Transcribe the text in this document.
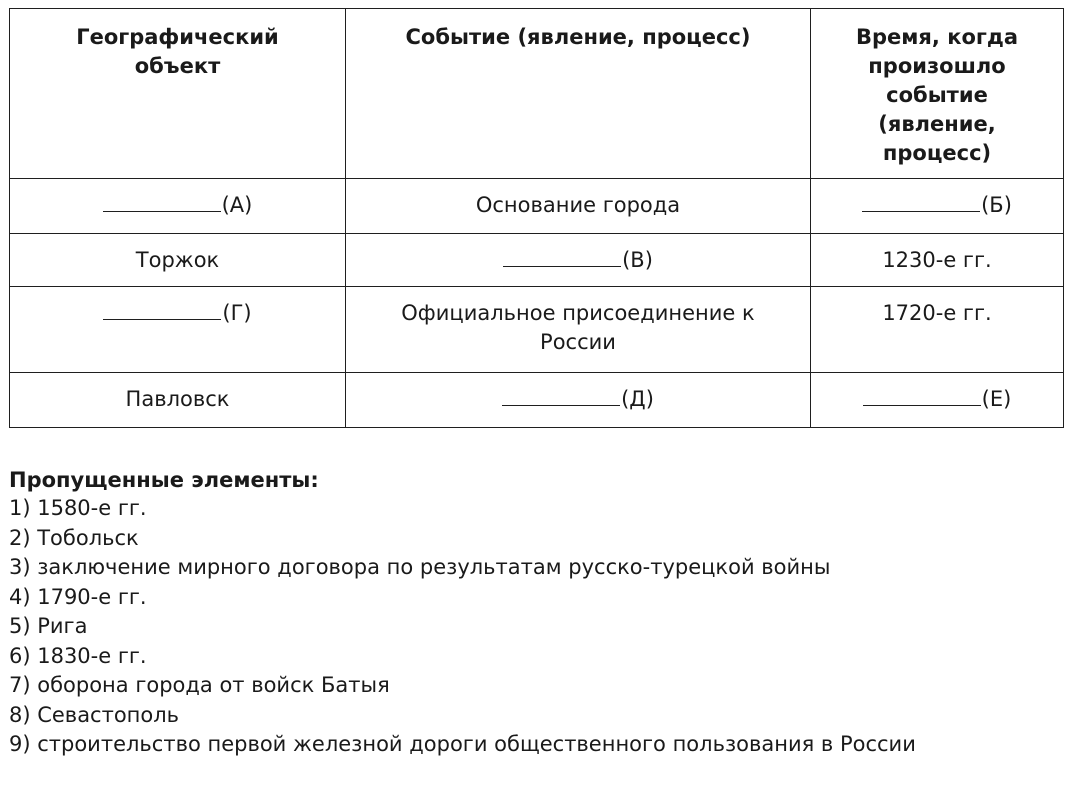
Географический объект	Событие (явление, процесс)	Время, когда произошло событие (явление, процесс)
(А)	Основание города	(Б)
Торжок	(В)	1230-е гг.
(Г)	Официальное присоединение к России	1720-е гг.
Павловск	(Д)	(Е)

Пропущенные элементы:

1) 1580-е гг.
2) Тобольск
3) заключение мирного договора по результатам русско-турецкой войны
4) 1790-е гг.
5) Рига
6) 1830-е гг.
7) оборона города от войск Батыя
8) Севастополь
9) строительство первой железной дороги общественного пользования в России
